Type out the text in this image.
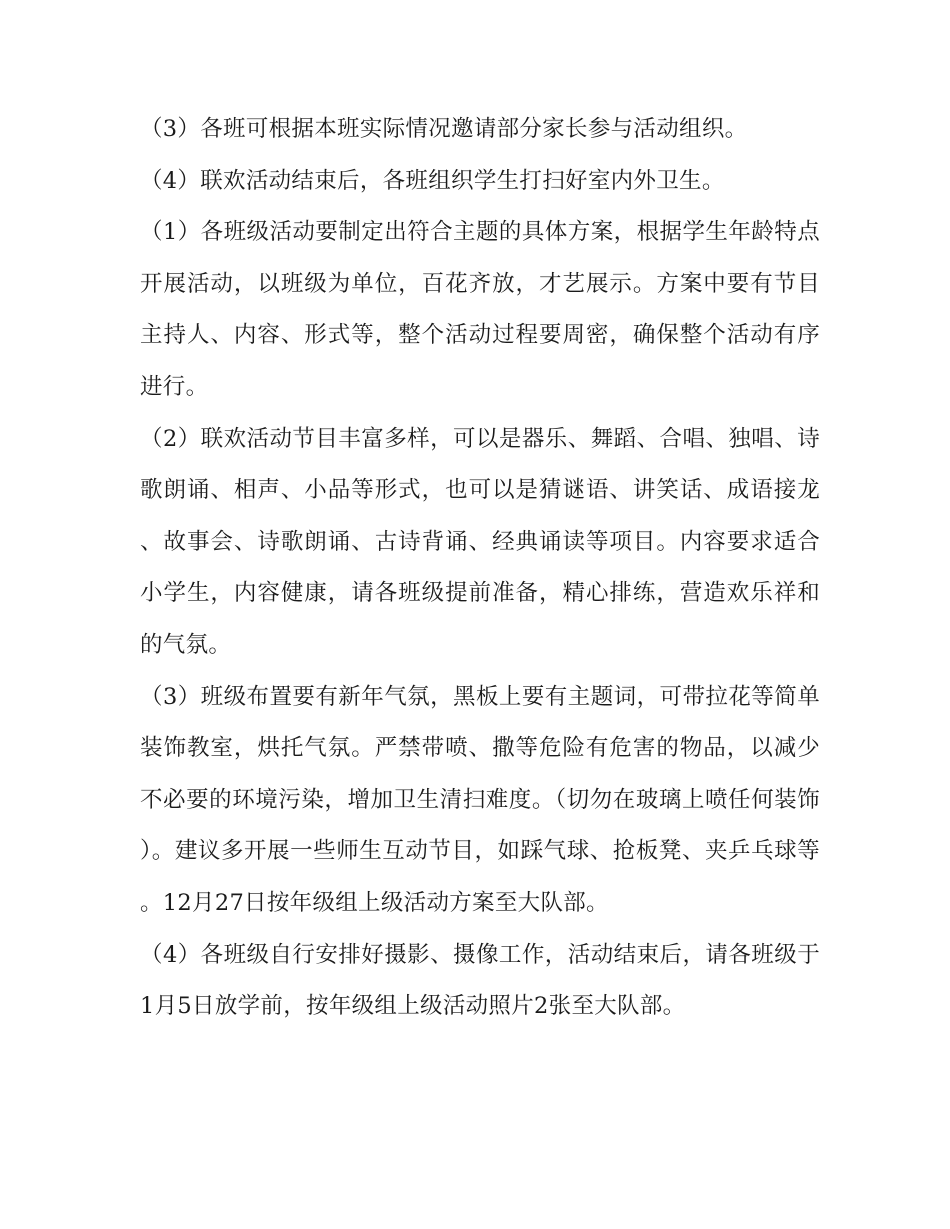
（3）各班可根据本班实际情况邀请部分家长参与活动组织。

（4）联欢活动结束后，各班组织学生打扫好室内外卫生。

（1）各班级活动要制定出符合主题的具体方案，根据学生年龄特点开展活动，以班级为单位，百花齐放，才艺展示。方案中要有节目主持人、内容、形式等，整个活动过程要周密，确保整个活动有序进行。

（2）联欢活动节目丰富多样，可以是器乐、舞蹈、合唱、独唱、诗歌朗诵、相声、小品等形式，也可以是猜谜语、讲笑话、成语接龙、故事会、诗歌朗诵、古诗背诵、经典诵读等项目。内容要求适合小学生，内容健康，请各班级提前准备，精心排练，营造欢乐祥和的气氛。

（3）班级布置要有新年气氛，黑板上要有主题词，可带拉花等简单装饰教室，烘托气氛。严禁带喷、撒等危险有危害的物品，以减少不必要的环境污染，增加卫生清扫难度。（切勿在玻璃上喷任何装饰）。建议多开展一些师生互动节目，如踩气球、抢板凳、夹乒乓球等。12月27日按年级组上级活动方案至大队部。

（4）各班级自行安排好摄影、摄像工作，活动结束后，请各班级于1月5日放学前，按年级组上级活动照片2张至大队部。
